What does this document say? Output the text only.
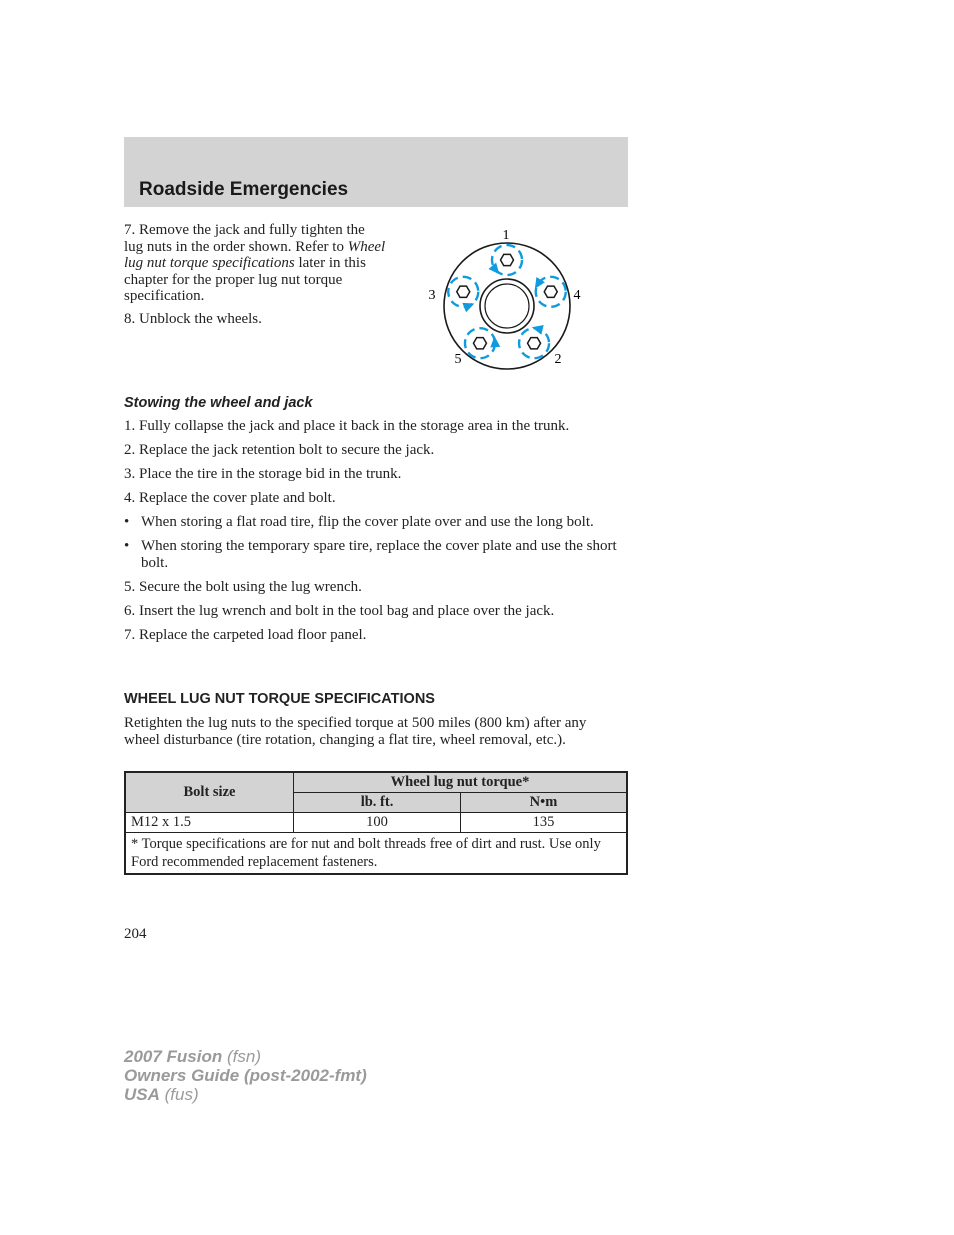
Roadside Emergencies

7. Remove the jack and fully tighten the lug nuts in the order shown. Refer to Wheel lug nut torque specifications later in this chapter for the proper lug nut torque specification.

8. Unblock the wheels.

1
2
3	4
5
Stowing the wheel and jack
1. Fully collapse the jack and place it back in the storage area in the trunk.
2. Replace the jack retention bolt to secure the jack.
3. Place the tire in the storage bid in the trunk.
4. Replace the cover plate and bolt.
• When storing a flat road tire, flip the cover plate over and use the long bolt.
• When storing the temporary spare tire, replace the cover plate and use the short bolt.
5. Secure the bolt using the lug wrench.
6. Insert the lug wrench and bolt in the tool bag and place over the jack.
7. Replace the carpeted load floor panel.
WHEEL LUG NUT TORQUE SPECIFICATIONS
Retighten the lug nuts to the specified torque at 500 miles (800 km) after any wheel disturbance (tire rotation, changing a flat tire, wheel removal, etc.).
Bolt size	Wheel lug nut torque*	
	lb. ft.	N•m
M12 x 1.5	100	135
* Torque specifications are for nut and bolt threads free of dirt and rust. Use only Ford recommended replacement fasteners.		
204
2007 Fusion (fsn)
Owners Guide (post-2002-fmt)
USA (fus)
